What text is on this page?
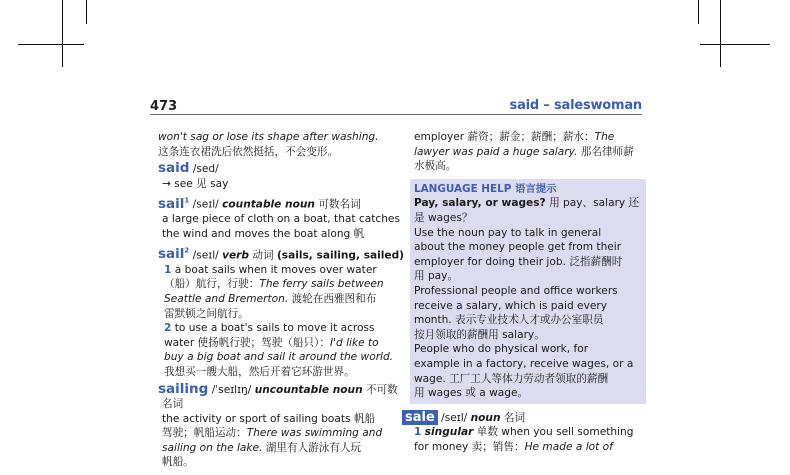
473	said – saleswoman
won't sag or lose its shape after washing.
这条连衣裙洗后依然挺括，不会变形。
said /sed/
→ see 见 say
sail$^1$ /seɪl/ countable noun 可数名词
a large piece of cloth on a boat, that catches
the wind and moves the boat along 帆
sail$^2$ /seɪl/ verb 动词 (sails, sailing, sailed)
1 a boat sails when it moves over water
（船）航行，行驶：The ferry sails between
Seattle and Bremerton. 渡轮在西雅图和布
雷默顿之间航行。
2 to use a boat's sails to move it across
water 使扬帆行驶；驾驶（船只）：I'd like to
buy a big boat and sail it around the world.
我想买一艘大船，然后开着它环游世界。
sailing /ˈseɪlɪŋ/ uncountable noun 不可数
名词
the activity or sport of sailing boats 帆船
驾驶；帆船运动：There was swimming and
sailing on the lake. 湖里有人游泳有人玩
帆船。
employer 薪资；薪金；薪酬；薪水：The
lawyer was paid a huge salary. 那名律师薪
水极高。
LANGUAGE HELP 语言提示
Pay, salary, or wages? 用 pay、salary 还
是 wages？
Use the noun pay to talk in general
about the money people get from their
employer for doing their job. 泛指薪酬时
用 pay。
Professional people and office workers
receive a salary, which is paid every
month. 表示专业技术人才或办公室职员
按月领取的薪酬用 salary。
People who do physical work, for
example in a factory, receive wages, or a
wage. 工厂工人等体力劳动者领取的薪酬
用 wages 或 a wage。
sale /seɪl/ noun 名词
1 singular 单数 when you sell something
for money 卖；销售：He made a lot of
